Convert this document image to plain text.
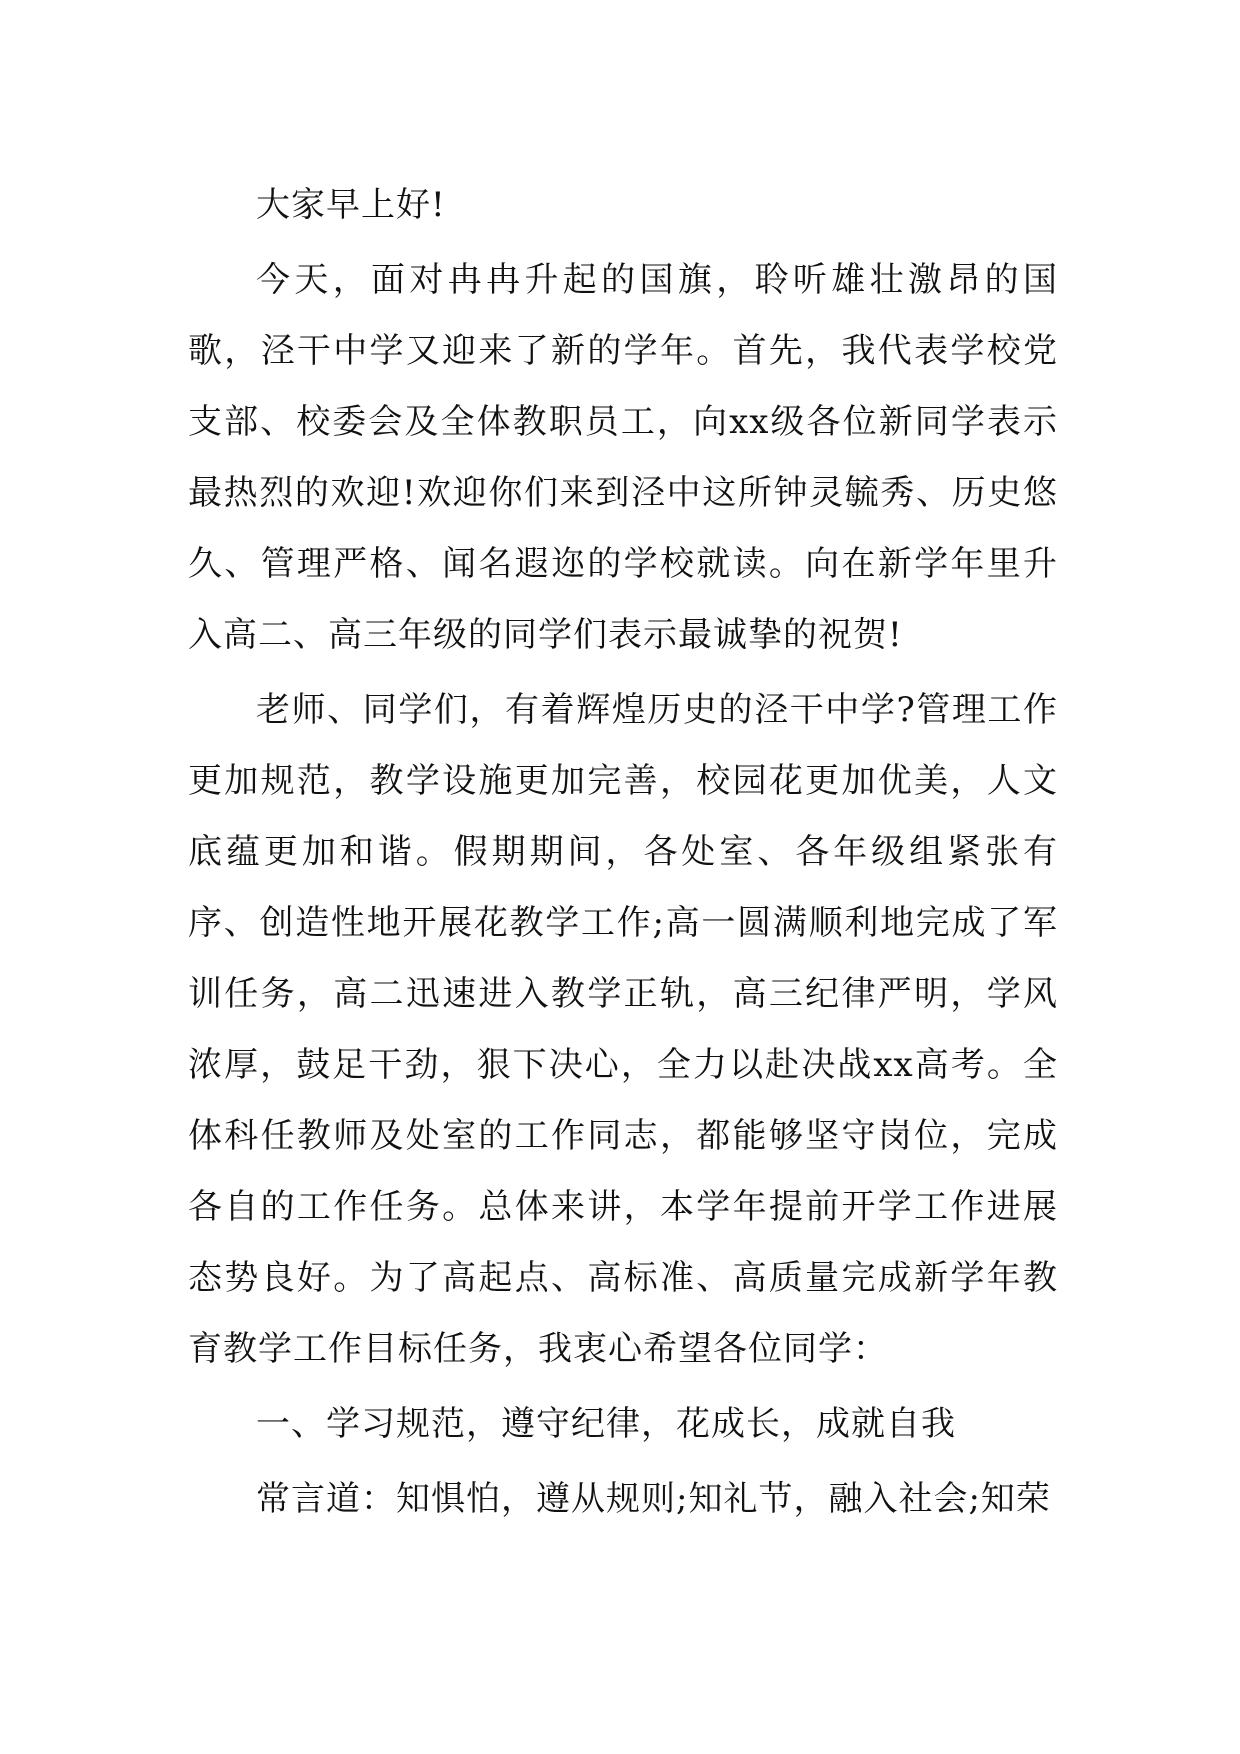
大家早上好!

今天，面对冉冉升起的国旗，聆听雄壮激昂的国歌，泾干中学又迎来了新的学年。首先，我代表学校党支部、校委会及全体教职员工，向xx级各位新同学表示最热烈的欢迎!欢迎你们来到泾中这所钟灵毓秀、历史悠久、管理严格、闻名遐迩的学校就读。向在新学年里升入高二、高三年级的同学们表示最诚挚的祝贺!

老师、同学们，有着辉煌历史的泾干中学?管理工作更加规范，教学设施更加完善，校园花更加优美，人文底蕴更加和谐。假期期间，各处室、各年级组紧张有序、创造性地开展花教学工作;高一圆满顺利地完成了军训任务，高二迅速进入教学正轨，高三纪律严明，学风浓厚，鼓足干劲，狠下决心，全力以赴决战xx高考。全体科任教师及处室的工作同志，都能够坚守岗位，完成各自的工作任务。总体来讲，本学年提前开学工作进展态势良好。为了高起点、高标准、高质量完成新学年教育教学工作目标任务，我衷心希望各位同学：

一、学习规范，遵守纪律，花成长，成就自我

常言道：知惧怕，遵从规则;知礼节，融入社会;知荣
